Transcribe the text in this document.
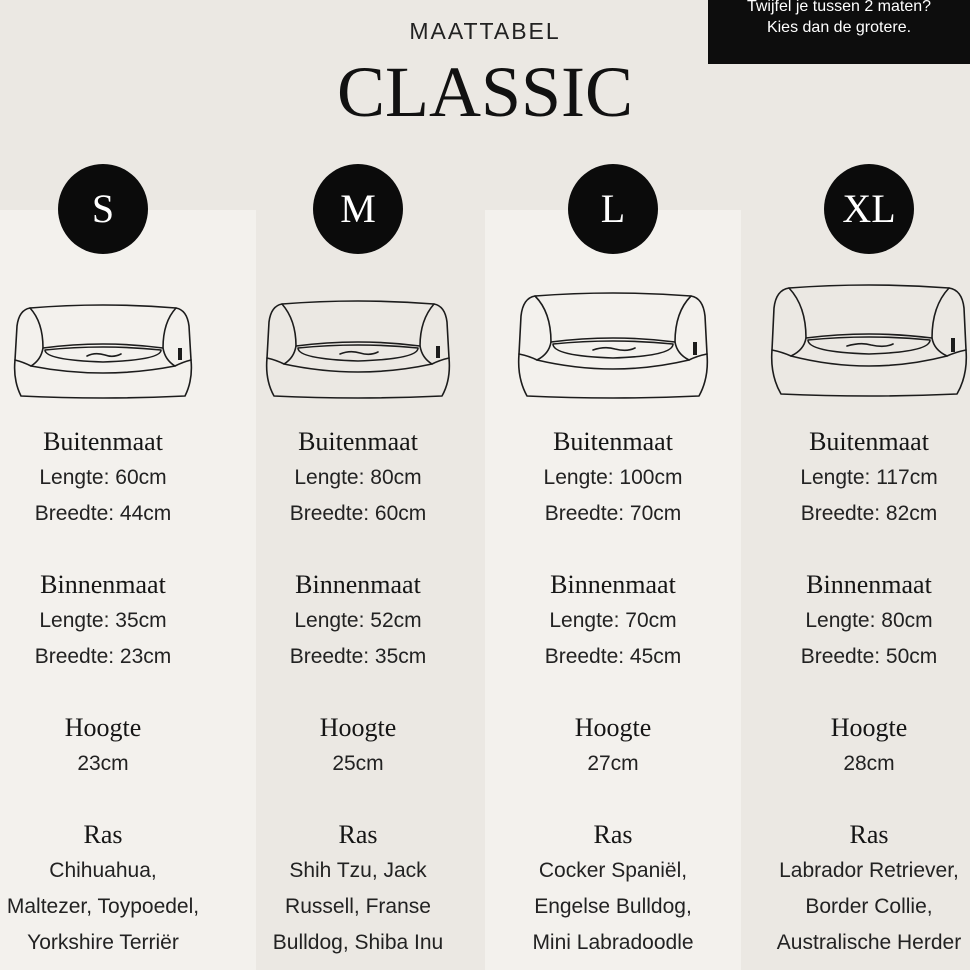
Twijfel je tussen 2 maten?
Kies dan de grotere.
MAATTABEL
CLASSIC
S
Buitenmaat
Lengte: 60cm
Breedte: 44cm
Binnenmaat
Lengte: 35cm
Breedte: 23cm
Hoogte
23cm
Ras
Chihuahua,
Maltezer, Toypoedel,
Yorkshire Terriër
M
Buitenmaat
Lengte: 80cm
Breedte: 60cm
Binnenmaat
Lengte: 52cm
Breedte: 35cm
Hoogte
25cm
Ras
Shih Tzu, Jack
Russell, Franse
Bulldog, Shiba Inu
L
Buitenmaat
Lengte: 100cm
Breedte: 70cm
Binnenmaat
Lengte: 70cm
Breedte: 45cm
Hoogte
27cm
Ras
Cocker Spaniël,
Engelse Bulldog,
Mini Labradoodle
XL
Buitenmaat
Lengte: 117cm
Breedte: 82cm
Binnenmaat
Lengte: 80cm
Breedte: 50cm
Hoogte
28cm
Ras
Labrador Retriever,
Border Collie,
Australische Herder
